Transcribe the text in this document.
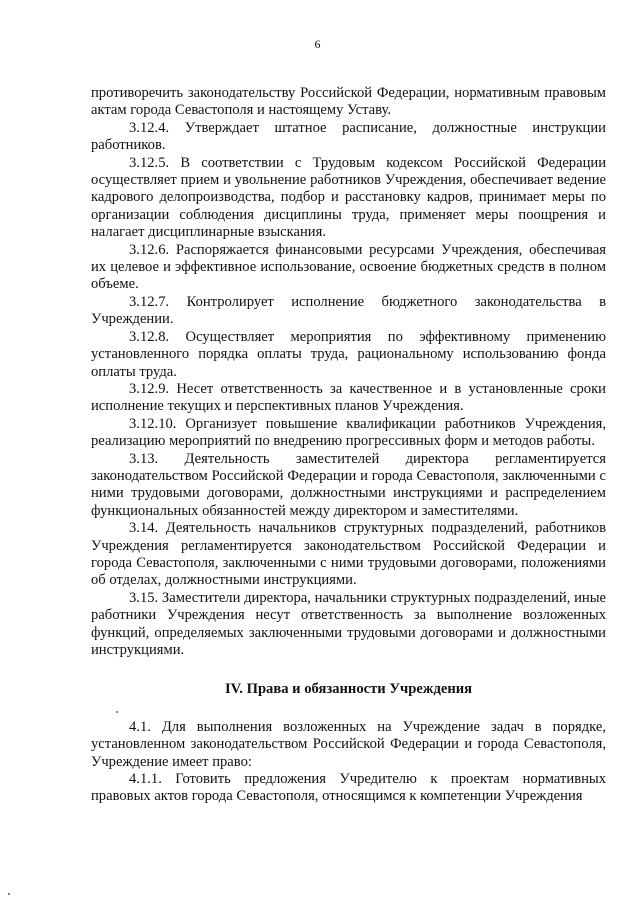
6

противоречить законодательству Российской Федерации, нормативным правовым актам города Севастополя и настоящему Уставу.

3.12.4. Утверждает штатное расписание, должностные инструкции работников.

3.12.5. В соответствии с Трудовым кодексом Российской Федерации осуществляет прием и увольнение работников Учреждения, обеспечивает ведение кадрового делопроизводства, подбор и расстановку кадров, принимает меры по организации соблюдения дисциплины труда, применяет меры поощрения и налагает дисциплинарные взыскания.

3.12.6. Распоряжается финансовыми ресурсами Учреждения, обеспечивая их целевое и эффективное использование, освоение бюджетных средств в полном объеме.

3.12.7. Контролирует исполнение бюджетного законодательства в Учреждении.

3.12.8. Осуществляет мероприятия по эффективному применению установленного порядка оплаты труда, рациональному использованию фонда оплаты труда.

3.12.9. Несет ответственность за качественное и в установленные сроки исполнение текущих и перспективных планов Учреждения.

3.12.10. Организует повышение квалификации работников Учреждения, реализацию мероприятий по внедрению прогрессивных форм и методов работы.

3.13. Деятельность заместителей директора регламентируется законодательством Российской Федерации и города Севастополя, заключенными с ними трудовыми договорами, должностными инструкциями и распределением функциональных обязанностей между директором и заместителями.

3.14. Деятельность начальников структурных подразделений, работников Учреждения регламентируется законодательством Российской Федерации и города Севастополя, заключенными с ними трудовыми договорами, положениями об отделах, должностными инструкциями.

3.15. Заместители директора, начальники структурных подразделений, иные работники Учреждения несут ответственность за выполнение возложенных функций, определяемых заключенными трудовыми договорами и должностными инструкциями.

IV. Права и обязанности Учреждения

4.1. Для выполнения возложенных на Учреждение задач в порядке, установленном законодательством Российской Федерации и города Севастополя, Учреждение имеет право:

4.1.1. Готовить предложения Учредителю к проектам нормативных правовых актов города Севастополя, относящимся к компетенции Учреждения
